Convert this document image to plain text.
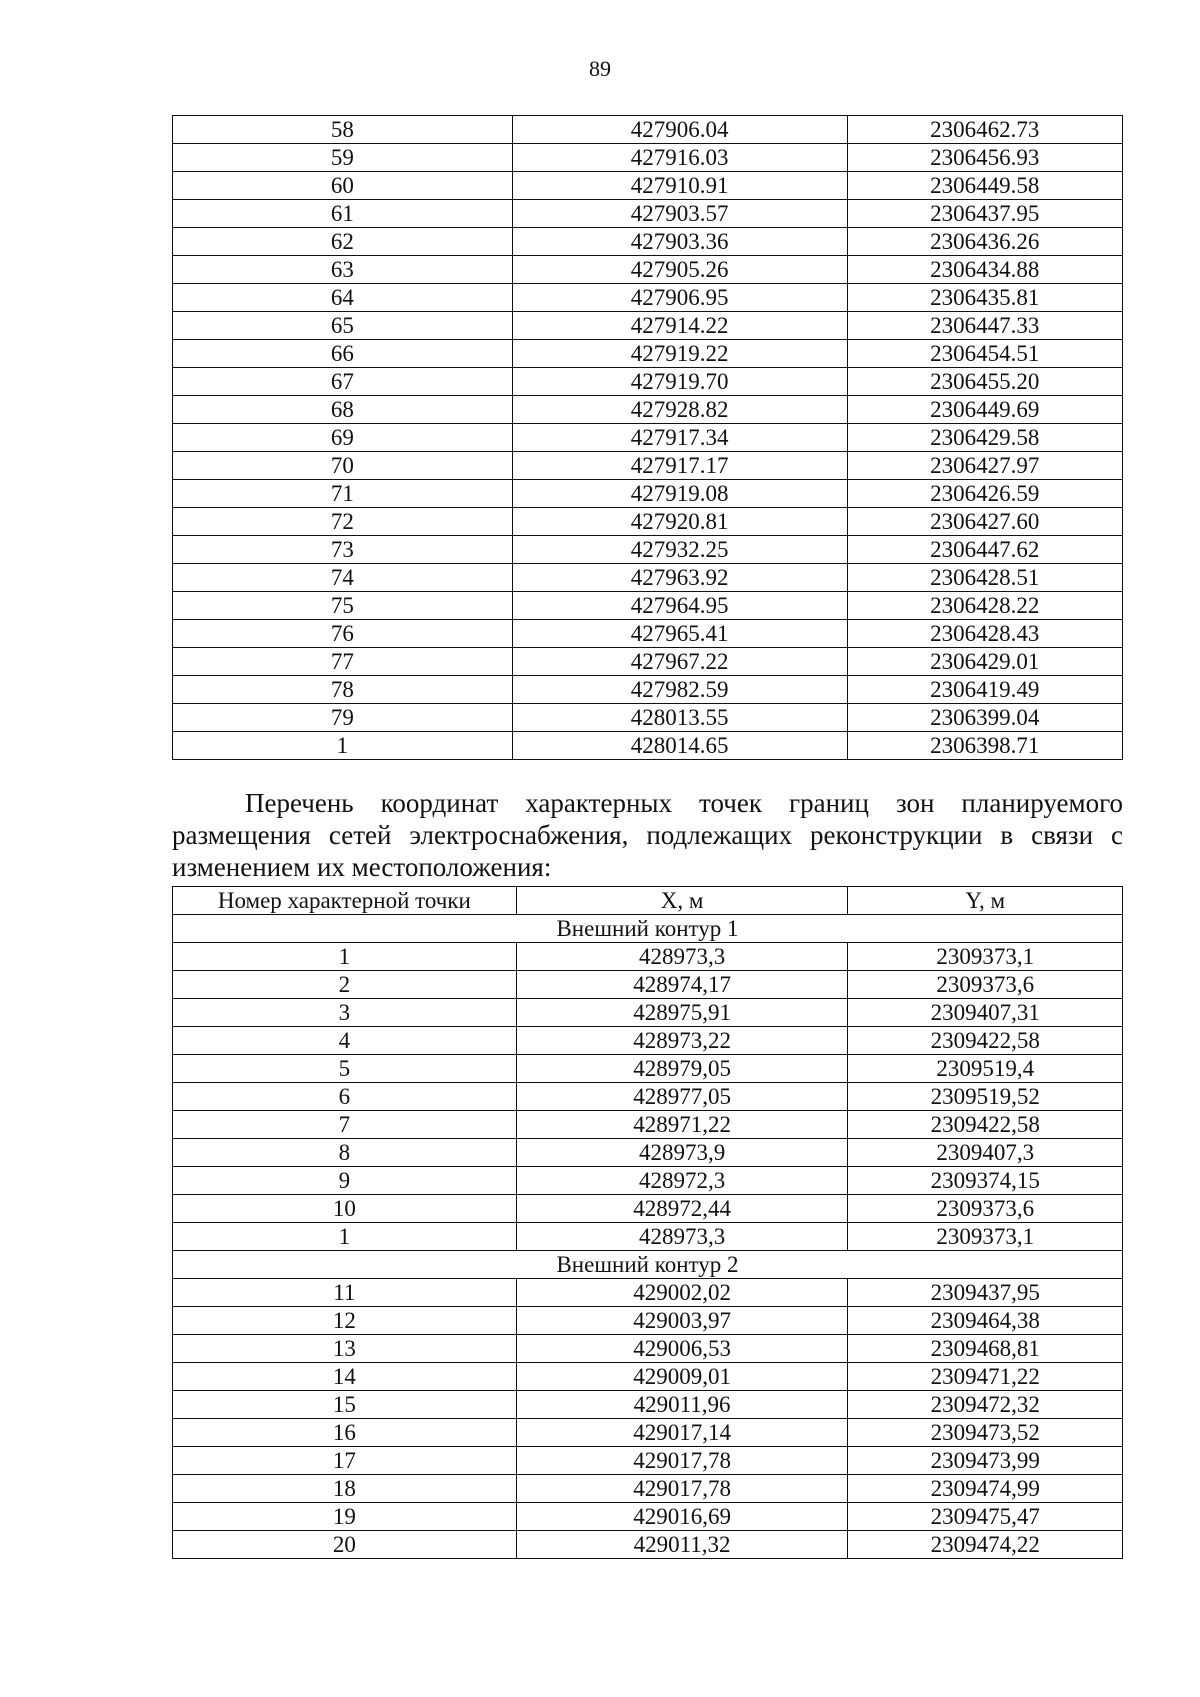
89
58	427906.04	2306462.73
59	427916.03	2306456.93
60	427910.91	2306449.58
61	427903.57	2306437.95
62	427903.36	2306436.26
63	427905.26	2306434.88
64	427906.95	2306435.81
65	427914.22	2306447.33
66	427919.22	2306454.51
67	427919.70	2306455.20
68	427928.82	2306449.69
69	427917.34	2306429.58
70	427917.17	2306427.97
71	427919.08	2306426.59
72	427920.81	2306427.60
73	427932.25	2306447.62
74	427963.92	2306428.51
75	427964.95	2306428.22
76	427965.41	2306428.43
77	427967.22	2306429.01
78	427982.59	2306419.49
79	428013.55	2306399.04
1	428014.65	2306398.71

Перечень координат характерных точек границ зон планируемого
размещения сетей электроснабжения, подлежащих реконструкции в связи с
изменением их местоположения:

Номер характерной точки	X, м	Y, м
Внешний контур 1		
1	428973,3	2309373,1
2	428974,17	2309373,6
3	428975,91	2309407,31
4	428973,22	2309422,58
5	428979,05	2309519,4
6	428977,05	2309519,52
7	428971,22	2309422,58
8	428973,9	2309407,3
9	428972,3	2309374,15
10	428972,44	2309373,6
1	428973,3	2309373,1
Внешний контур 2		
11	429002,02	2309437,95
12	429003,97	2309464,38
13	429006,53	2309468,81
14	429009,01	2309471,22
15	429011,96	2309472,32
16	429017,14	2309473,52
17	429017,78	2309473,99
18	429017,78	2309474,99
19	429016,69	2309475,47
20	429011,32	2309474,22
